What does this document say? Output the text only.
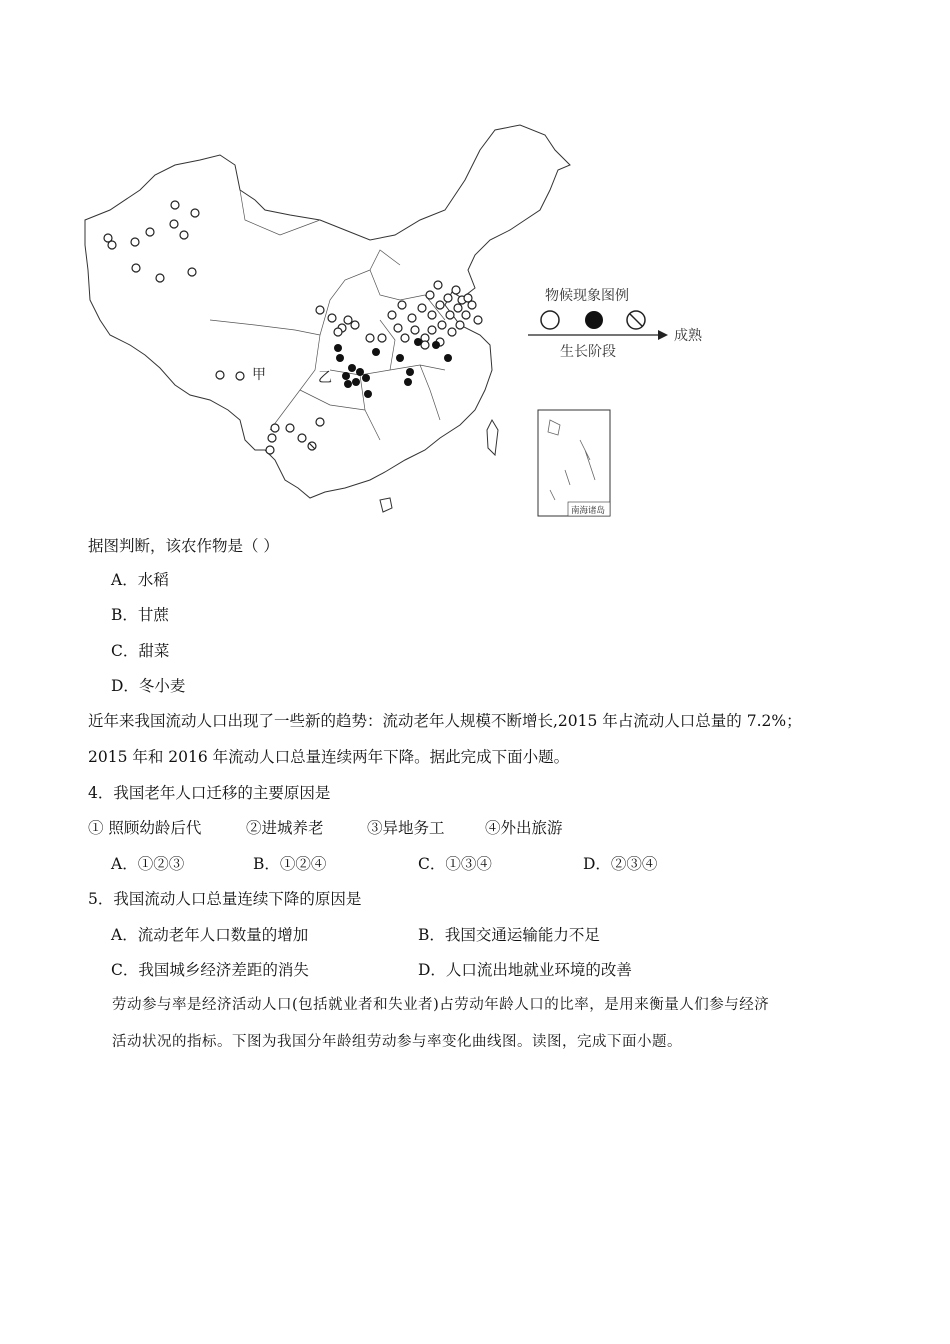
甲	乙
物候现象图例
成熟
生长阶段
南海诸岛
据图判断，该农作物是（ ）
A．水稻
B．甘蔗
C．甜菜
D．冬小麦
近年来我国流动人口出现了一些新的趋势：流动老年人规模不断增长,2015 年占流动人口总量的 7.2%；
2015 年和 2016 年流动人口总量连续两年下降。据此完成下面小题。
4．我国老年人口迁移的主要原因是
① 照顾幼龄后代	②进城养老	③异地务工	④外出旅游
A．①②③	B．①②④	C．①③④	D．②③④
5．我国流动人口总量连续下降的原因是
A．流动老年人口数量的增加	B．我国交通运输能力不足
C．我国城乡经济差距的消失	D．人口流出地就业环境的改善
劳动参与率是经济活动人口(包括就业者和失业者)占劳动年龄人口的比率，是用来衡量人们参与经济
活动状况的指标。下图为我国分年龄组劳动参与率变化曲线图。读图，完成下面小题。
